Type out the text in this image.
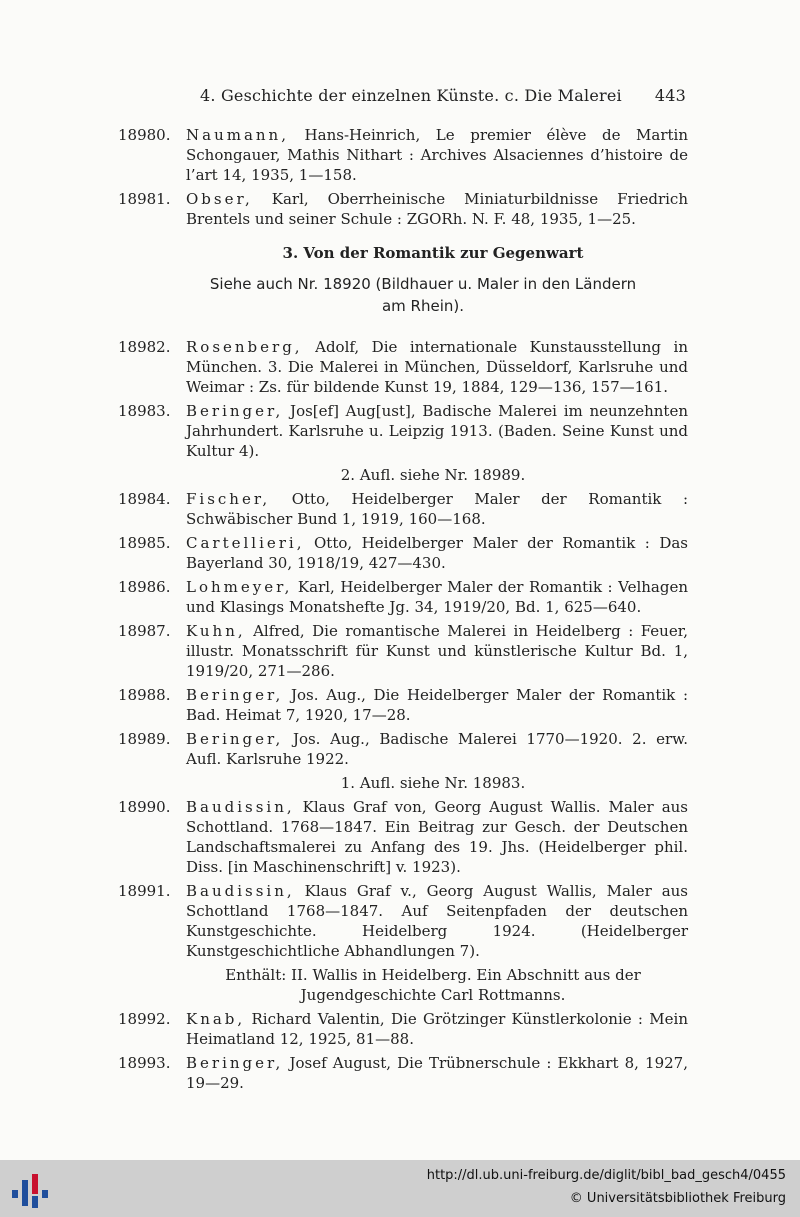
4. Geschichte der einzelnen Künste. c. Die Malerei 443
18980. Naumann, Hans-Heinrich, Le premier élève de Martin Schongauer, Mathis Nithart : Archives Alsaciennes d’histoire de l’art 14, 1935, 1—158.
18981. Obser, Karl, Oberrheinische Miniaturbildnisse Friedrich Brentels und seiner Schule : ZGORh. N. F. 48, 1935, 1—25.
3. Von der Romantik zur Gegenwart
Siehe auch Nr. 18920 (Bildhauer u. Maler in den Ländern
am Rhein).
18982. Rosenberg, Adolf, Die internationale Kunstausstellung in München. 3. Die Malerei in München, Düsseldorf, Karlsruhe und Weimar : Zs. für bildende Kunst 19, 1884, 129—136, 157—161.
18983. Beringer, Jos[ef] Aug[ust], Badische Malerei im neunzehnten Jahrhundert. Karlsruhe u. Leipzig 1913. (Baden. Seine Kunst und Kultur 4).
2. Aufl. siehe Nr. 18989.
18984. Fischer, Otto, Heidelberger Maler der Romantik : Schwäbischer Bund 1, 1919, 160—168.
18985. Cartellieri, Otto, Heidelberger Maler der Romantik : Das Bayerland 30, 1918/19, 427—430.
18986. Lohmeyer, Karl, Heidelberger Maler der Romantik : Velhagen und Klasings Monatshefte Jg. 34, 1919/20, Bd. 1, 625—640.
18987. Kuhn, Alfred, Die romantische Malerei in Heidelberg : Feuer, illustr. Monatsschrift für Kunst und künstlerische Kultur Bd. 1, 1919/20, 271—286.
18988. Beringer, Jos. Aug., Die Heidelberger Maler der Romantik : Bad. Heimat 7, 1920, 17—28.
18989. Beringer, Jos. Aug., Badische Malerei 1770—1920. 2. erw. Aufl. Karlsruhe 1922.
1. Aufl. siehe Nr. 18983.
18990. Baudissin, Klaus Graf von, Georg August Wallis. Maler aus Schottland. 1768—1847. Ein Beitrag zur Gesch. der Deutschen Landschaftsmalerei zu Anfang des 19. Jhs. (Heidelberger phil. Diss. [in Maschinenschrift] v. 1923).
18991. Baudissin, Klaus Graf v., Georg August Wallis, Maler aus Schottland 1768—1847. Auf Seitenpfaden der deutschen Kunstgeschichte. Heidelberg 1924. (Heidelberger Kunstgeschichtliche Abhandlungen 7).
Enthält: II. Wallis in Heidelberg. Ein Abschnitt aus der Jugendgeschichte Carl Rottmanns.
18992. Knab, Richard Valentin, Die Grötzinger Künstlerkolonie : Mein Heimatland 12, 1925, 81—88.
18993. Beringer, Josef August, Die Trübnerschule : Ekkhart 8, 1927, 19—29.
http://dl.ub.uni-freiburg.de/diglit/bibl_bad_gesch4/0455
© Universitätsbibliothek Freiburg
